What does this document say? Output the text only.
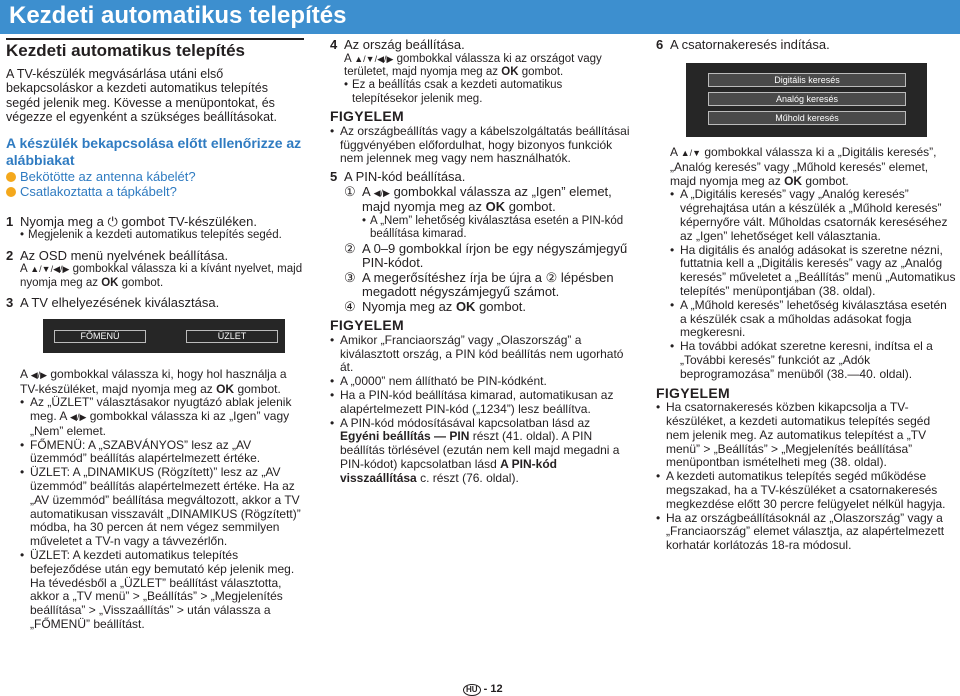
Kezdeti automatikus telepítés
Kezdeti automatikus telepítés

A TV-készülék megvásárlása utáni első bekapcsoláskor a kezdeti automatikus telepítés segéd jelenik meg. Kövesse a menüpontokat, és végezze el egyenként a szükséges beállításokat.

A készülék bekapcsolása előtt ellenőrizze az alábbiakat
Bekötötte az antenna kábelét?
Csatlakoztatta a tápkábelt?
1 Nyomja meg a ⏻ gombot TV-készüléken.
• Megjelenik a kezdeti automatikus telepítés segéd.
2 Az OSD menü nyelvének beállítása.
A ▲/▼/◀/▶ gombokkal válassza ki a kívánt nyelvet, majd nyomja meg az OK gombot.
3 A TV elhelyezésének kiválasztása.
FŐMENÜ	ÜZLET
A ◀/▶ gombokkal válassza ki, hogy hol használja a TV-készüléket, majd nyomja meg az OK gombot.
• Az „ÜZLET” választásakor nyugtázó ablak jelenik meg. A ◀/▶ gombokkal válassza ki az „Igen” vagy „Nem” elemet.
• FŐMENÜ: A „SZABVÁNYOS” lesz az „AV üzemmód” beállítás alapértelmezett értéke.
• ÜZLET: A „DINAMIKUS (Rögzített)” lesz az „AV üzemmód” beállítás alapértelmezett értéke. Ha az „AV üzemmód” beállítása megváltozott, akkor a TV automatikusan visszavált „DINAMIKUS (Rögzített)” módba, ha 30 percen át nem végez semmilyen műveletet a TV-n vagy a távvezérlőn.
• ÜZLET: A kezdeti automatikus telepítés befejeződése után egy bemutató kép jelenik meg. Ha tévedésből a „ÜZLET” beállítást választotta, akkor a „TV menü” > „Beállítás” > „Megjelenítés beállítása” > „Visszaállítás” > után válassza a „FŐMENÜ” beállítást.
4 Az ország beállítása.
A ▲/▼/◀/▶ gombokkal válassza ki az országot vagy területet, majd nyomja meg az OK gombot.
• Ez a beállítás csak a kezdeti automatikus telepítésekor jelenik meg.
FIGYELEM
• Az országbeállítás vagy a kábelszolgáltatás beállításai függvényében előfordulhat, hogy bizonyos funkciók nem jelennek meg vagy nem használhatók.
5 A PIN-kód beállítása.
① A ◀/▶ gombokkal válassza az „Igen” elemet, majd nyomja meg az OK gombot.
• A „Nem” lehetőség kiválasztása esetén a PIN-kód beállítása kimarad.
② A 0–9 gombokkal írjon be egy négyszámjegyű PIN-kódot.
③ A megerősítéshez írja be újra a ② lépésben megadott négyszámjegyű számot.
④ Nyomja meg az OK gombot.
FIGYELEM
• Amikor „Franciaország” vagy „Olaszország” a kiválasztott ország, a PIN kód beállítás nem ugorható át.
• A „0000” nem állítható be PIN-kódként.
• Ha a PIN-kód beállítása kimarad, automatikusan az alapértelmezett PIN-kód („1234”) lesz beállítva.
• A PIN-kód módosításával kapcsolatban lásd az Egyéni beállítás — PIN részt (41. oldal). A PIN beállítás törlésével (ezután nem kell majd megadni a PIN-kódot) kapcsolatban lásd A PIN-kód visszaállítása c. részt (76. oldal).
6 A csatornakeresés indítása.
Digitális keresés
Analóg keresés
Műhold keresés
A ▲/▼ gombokkal válassza ki a „Digitális keresés”, „Analóg keresés” vagy „Műhold keresés” elemet, majd nyomja meg az OK gombot.
• A „Digitális keresés” vagy „Analóg keresés” végrehajtása után a készülék a „Műhold keresés” képernyőre vált. Műholdas csatornák kereséséhez az „Igen” lehetőséget kell választania.
• Ha digitális és analóg adásokat is szeretne nézni, futtatnia kell a „Digitális keresés” vagy az „Analóg keresés” műveletet a „Beállítás” menü „Automatikus telepítés” menüpontjában (38. oldal).
• A „Műhold keresés” lehetőség kiválasztása esetén a készülék csak a műholdas adásokat fogja megkeresni.
• Ha további adókat szeretne keresni, indítsa el a „További keresés” funkciót az „Adók beprogramozása” menüből (38.—40. oldal).
FIGYELEM
• Ha csatornakeresés közben kikapcsolja a TV-készüléket, a kezdeti automatikus telepítés segéd nem jelenik meg. Az automatikus telepítést a „TV menü” > „Beállítás” > „Megjelenítés beállítása” menüpontban ismételheti meg (38. oldal).
• A kezdeti automatikus telepítés segéd működése megszakad, ha a TV-készüléket a csatornakeresés megkezdése előtt 30 percre felügyelet nélkül hagyja.
• Ha az országbeállításoknál az „Olaszország” vagy a „Franciaország” elemet választja, az alapértelmezett korhatár korlátozás 18-ra módosul.
HU - 12
